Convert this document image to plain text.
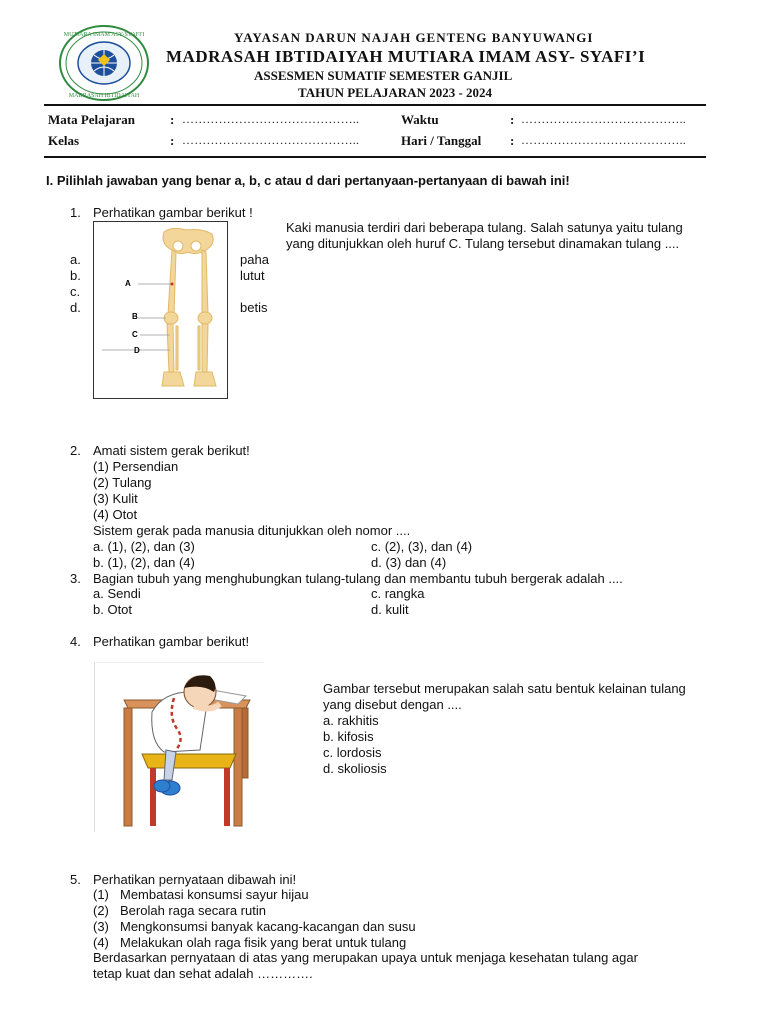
MUTIARA IMAM ASY-SYAFI'I
MADRASAH IBTIDAIYAH
YAYASAN DARUN NAJAH GENTENG BANYUWANGI
MADRASAH IBTIDAIYAH MUTIARA IMAM ASY- SYAFI’I
ASSESMEN SUMATIF SEMESTER GANJIL
TAHUN PELAJARAN 2023 - 2024
Mata Pelajaran	: ……………………………………..	Waktu	: …………………………………..
Kelas	: ……………………………………..	Hari / Tanggal : …………………………………..
I. Pilihlah jawaban yang benar a, b, c atau d dari pertanyaan-pertanyaan di bawah ini!
1. Perhatikan gambar berikut !
Kaki manusia terdiri dari beberapa tulang. Salah satunya yaitu tulang
yang ditunjukkan oleh huruf C. Tulang tersebut dinamakan tulang ....
a.
b.
c.
d.
paha
lutut
betis
A
B
C
D
2. Amati sistem gerak berikut!
(1) Persendian
(2) Tulang
(3) Kulit
(4) Otot
Sistem gerak pada manusia ditunjukkan oleh nomor ....
a. (1), (2), dan (3)
b. (1), (2), dan (4)
c. (2), (3), dan (4)
d. (3) dan (4)
3. Bagian tubuh yang menghubungkan tulang-tulang dan membantu tubuh bergerak adalah ....
a. Sendi
b. Otot
c. rangka
d. kulit
4. Perhatikan gambar berikut!
Gambar tersebut merupakan salah satu bentuk kelainan tulang
yang disebut dengan ....
a. rakhitis
b. kifosis
c. lordosis
d. skoliosis
5. Perhatikan pernyataan dibawah ini!
(1) Membatasi konsumsi sayur hijau
(2) Berolah raga secara rutin
(3) Mengkonsumsi banyak kacang-kacangan dan susu
(4) Melakukan olah raga fisik yang berat untuk tulang
Berdasarkan pernyataan di atas yang merupakan upaya untuk menjaga kesehatan tulang agar
tetap kuat dan sehat adalah ………….
